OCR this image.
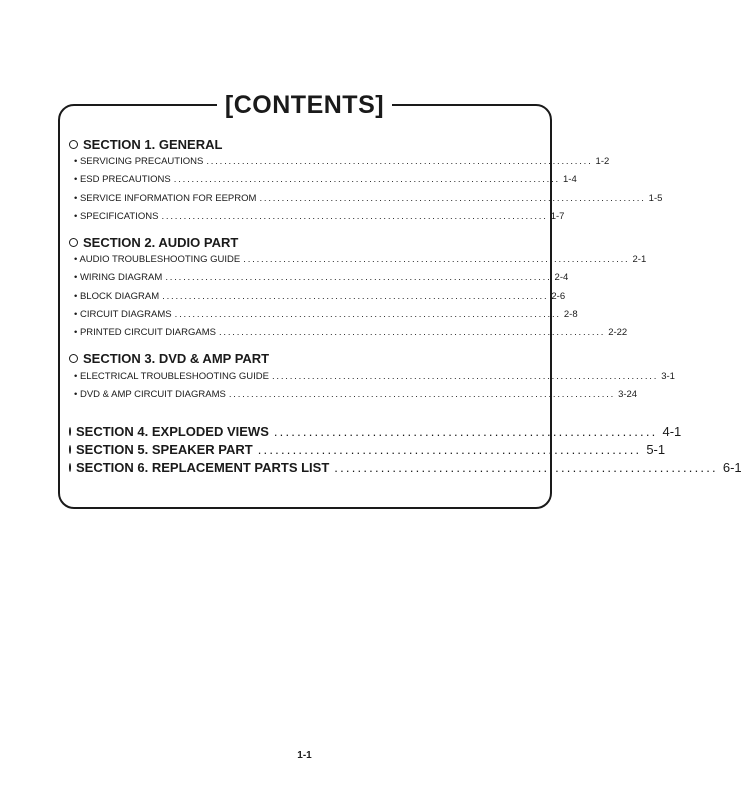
[CONTENTS]
SECTION 1. GENERAL
• SERVICING PRECAUTIONS ....................................................................................... 1-2
• ESD PRECAUTIONS ....................................................................................... 1-4
• SERVICE INFORMATION FOR EEPROM ....................................................................................... 1-5
• SPECIFICATIONS ....................................................................................... 1-7
SECTION 2. AUDIO PART
• AUDIO TROUBLESHOOTING GUIDE ....................................................................................... 2-1
• WIRING DIAGRAM ....................................................................................... 2-4
• BLOCK DIAGRAM ....................................................................................... 2-6
• CIRCUIT DIAGRAMS ....................................................................................... 2-8
• PRINTED CIRCUIT DIARGAMS ....................................................................................... 2-22
SECTION 3. DVD & AMP PART
• ELECTRICAL TROUBLESHOOTING GUIDE ....................................................................................... 3-1
• DVD & AMP CIRCUIT DIAGRAMS ....................................................................................... 3-24
SECTION 4. EXPLODED VIEWS .................................................................. 4-1
SECTION 5. SPEAKER PART .................................................................. 5-1
SECTION 6. REPLACEMENT PARTS LIST .................................................................. 6-1
1-1
